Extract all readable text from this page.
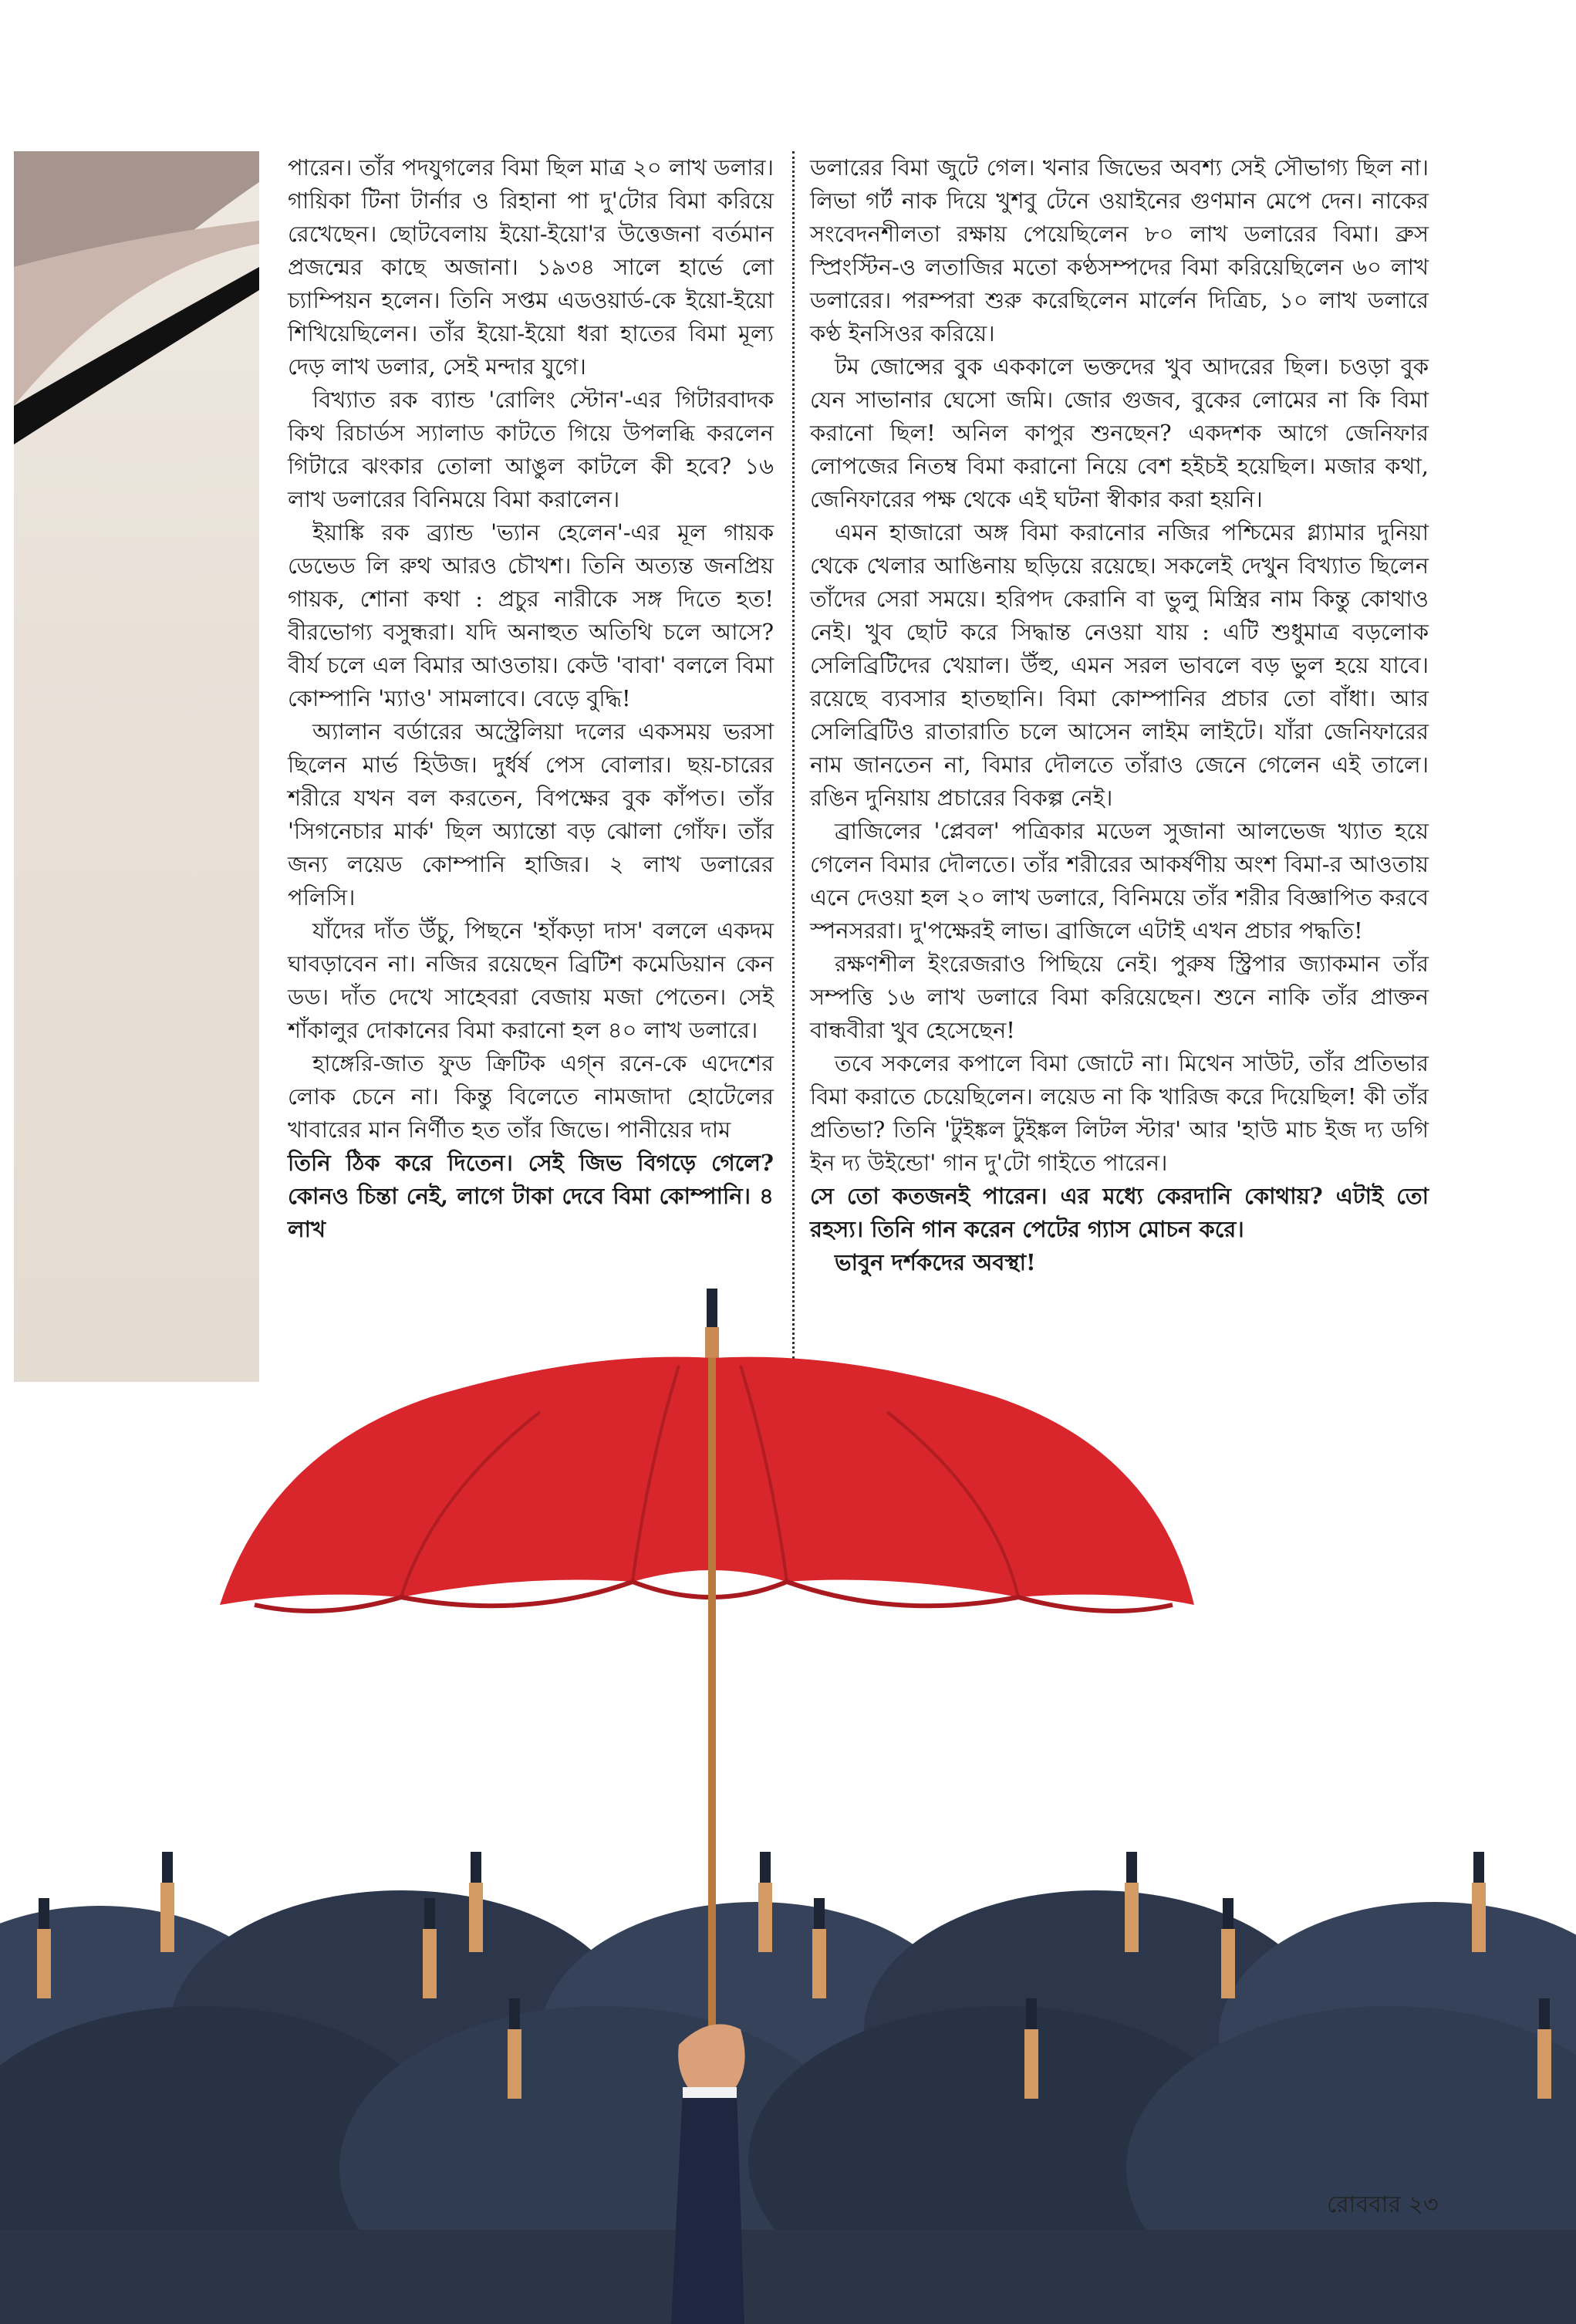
পারেন। তাঁর পদযুগলের বিমা ছিল মাত্র ২০ লাখ ডলার। গায়িকা টিনা টার্নার ও রিহানা পা দু'টোর বিমা করিয়ে রেখেছেন। ছোটবেলায় ইয়ো-ইয়ো'র উত্তেজনা বর্তমান প্রজন্মের কাছে অজানা। ১৯৩৪ সালে হার্ভে লো চ্যাম্পিয়ন হলেন। তিনি সপ্তম এডওয়ার্ড-কে ইয়ো-ইয়ো শিখিয়েছিলেন। তাঁর ইয়ো-ইয়ো ধরা হাতের বিমা মূল্য দেড় লাখ ডলার, সেই মন্দার যুগে।

বিখ্যাত রক ব্যান্ড 'রোলিং স্টোন'-এর গিটারবাদক কিথ রিচার্ডস স্যালাড কাটতে গিয়ে উপলব্ধি করলেন গিটারে ঝংকার তোলা আঙুল কাটলে কী হবে? ১৬ লাখ ডলারের বিনিময়ে বিমা করালেন।

ইয়াঙ্কি রক ব্র্যান্ড 'ভ্যান হেলেন'-এর মূল গায়ক ডেভেড লি রুথ আরও চৌখশ। তিনি অত্যন্ত জনপ্রিয় গায়ক, শোনা কথা : প্রচুর নারীকে সঙ্গ দিতে হত! বীরভোগ্য বসুন্ধরা। যদি অনাহুত অতিথি চলে আসে? বীর্য চলে এল বিমার আওতায়। কেউ 'বাবা' বললে বিমা কোম্পানি 'ম্যাও' সামলাবে। বেড়ে বুদ্ধি!

অ্যালান বর্ডারের অস্ট্রেলিয়া দলের একসময় ভরসা ছিলেন মার্ভ হিউজ। দুর্ধর্ষ পেস বোলার। ছয়-চারের শরীরে যখন বল করতেন, বিপক্ষের বুক কাঁপত। তাঁর 'সিগনেচার মার্ক' ছিল অ্যান্তো বড় ঝোলা গোঁফ। তাঁর জন্য লয়েড কোম্পানি হাজির। ২ লাখ ডলারের পলিসি।

যাঁদের দাঁত উঁচু, পিছনে 'হাঁকড়া দাস' বললে একদম ঘাবড়াবেন না। নজির রয়েছেন ব্রিটিশ কমেডিয়ান কেন ডড। দাঁত দেখে সাহেবরা বেজায় মজা পেতেন। সেই শাঁকালুর দোকানের বিমা করানো হল ৪০ লাখ ডলারে।

হাঙ্গেরি-জাত ফুড ক্রিটিক এগ্‌ন রনে-কে এদেশের লোক চেনে না। কিন্তু বিলেতে নামজাদা হোটেলের খাবারের মান নির্ণীত হত তাঁর জিভে। পানীয়ের দাম

তিনি ঠিক করে দিতেন। সেই জিভ বিগড়ে গেলে? কোনও চিন্তা নেই, লাগে টাকা দেবে বিমা কোম্পানি। ৪ লাখ

ডলারের বিমা জুটে গেল। খনার জিভের অবশ্য সেই সৌভাগ্য ছিল না। লিভা গর্ট নাক দিয়ে খুশবু টেনে ওয়াইনের গুণমান মেপে দেন। নাকের সংবেদনশীলতা রক্ষায় পেয়েছিলেন ৮০ লাখ ডলারের বিমা। ব্রুস স্প্রিংস্টিন-ও লতাজির মতো কণ্ঠসম্পদের বিমা করিয়েছিলেন ৬০ লাখ ডলারের। পরম্পরা শুরু করেছিলেন মার্লেন দিত্রিচ, ১০ লাখ ডলারে কণ্ঠ ইনসিওর করিয়ে।

টম জোন্সের বুক এককালে ভক্তদের খুব আদরের ছিল। চওড়া বুক যেন সাভানার ঘেসো জমি। জোর গুজব, বুকের লোমের না কি বিমা করানো ছিল! অনিল কাপুর শুনছেন? একদশক আগে জেনিফার লোপজের নিতম্ব বিমা করানো নিয়ে বেশ হইচই হয়েছিল। মজার কথা, জেনিফারের পক্ষ থেকে এই ঘটনা স্বীকার করা হয়নি।

এমন হাজারো অঙ্গ বিমা করানোর নজির পশ্চিমের গ্ল্যামার দুনিয়া থেকে খেলার আঙিনায় ছড়িয়ে রয়েছে। সকলেই দেখুন বিখ্যাত ছিলেন তাঁদের সেরা সময়ে। হরিপদ কেরানি বা ভুলু মিস্ত্রির নাম কিন্তু কোথাও নেই। খুব ছোট করে সিদ্ধান্ত নেওয়া যায় : এটি শুধুমাত্র বড়লোক সেলিব্রিটিদের খেয়াল। উঁহু, এমন সরল ভাবলে বড় ভুল হয়ে যাবে। রয়েছে ব্যবসার হাতছানি। বিমা কোম্পানির প্রচার তো বাঁধা। আর সেলিব্রিটিও রাতারাতি চলে আসেন লাইম লাইটে। যাঁরা জেনিফারের নাম জানতেন না, বিমার দৌলতে তাঁরাও জেনে গেলেন এই তালে। রঙিন দুনিয়ায় প্রচারের বিকল্প নেই।

ব্রাজিলের 'প্লেবল' পত্রিকার মডেল সুজানা আলভেজ খ্যাত হয়ে গেলেন বিমার দৌলতে। তাঁর শরীরের আকর্ষণীয় অংশ বিমা-র আওতায় এনে দেওয়া হল ২০ লাখ ডলারে, বিনিময়ে তাঁর শরীর বিজ্ঞাপিত করবে স্পনসররা। দু'পক্ষেরই লাভ। ব্রাজিলে এটাই এখন প্রচার পদ্ধতি!

রক্ষণশীল ইংরেজরাও পিছিয়ে নেই। পুরুষ স্ট্রিপার জ্যাকমান তাঁর সম্পত্তি ১৬ লাখ ডলারে বিমা করিয়েছেন। শুনে নাকি তাঁর প্রাক্তন বান্ধবীরা খুব হেসেছেন!

তবে সকলের কপালে বিমা জোটে না। মিথেন সাউট, তাঁর প্রতিভার বিমা করাতে চেয়েছিলেন। লয়েড না কি খারিজ করে দিয়েছিল! কী তাঁর প্রতিভা? তিনি 'টুইঙ্কল টুইঙ্কল লিটল স্টার' আর 'হাউ মাচ ইজ দ্য ডগি ইন দ্য উইন্ডো' গান দু'টো গাইতে পারেন।

সে তো কতজনই পারেন। এর মধ্যে কেরদানি কোথায়? এটাই তো রহস্য। তিনি গান করেন পেটের গ্যাস মোচন করে।

ভাবুন দর্শকদের অবস্থা!

রোববার ২৩
